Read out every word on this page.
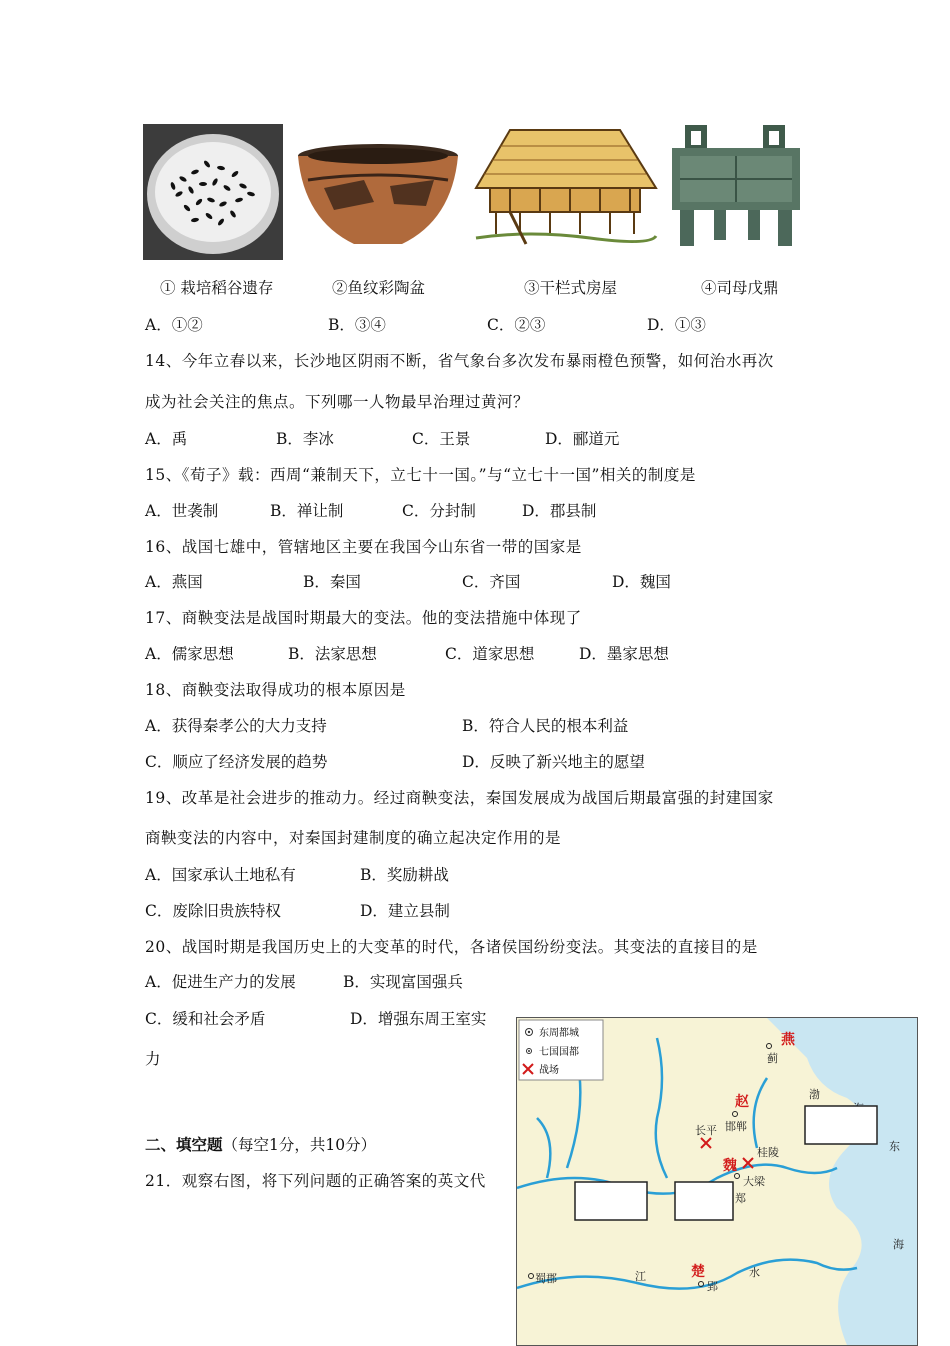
① 栽培稻谷遗存	②鱼纹彩陶盆	③干栏式房屋	④司母戊鼎
A．①②	B．③④	C．②③	D．①③
14、今年立春以来，长沙地区阴雨不断，省气象台多次发布暴雨橙色预警，如何治水再次
成为社会关注的焦点。下列哪一人物最早治理过黄河？
A．禹	B．李冰	C．王景	D．郦道元
15、《荀子》载：西周“兼制天下，立七十一国。”与“立七十一国”相关的制度是
A．世袭制	B．禅让制	C．分封制	D．郡县制
16、战国七雄中，管辖地区主要在我国今山东省一带的国家是
A．燕国	B．秦国	C．齐国	D．魏国
17、商鞅变法是战国时期最大的变法。他的变法措施中体现了
A．儒家思想	B．法家思想	C．道家思想	D．墨家思想
18、商鞅变法取得成功的根本原因是
A．获得秦孝公的大力支持	B．符合人民的根本利益
C．顺应了经济发展的趋势	D．反映了新兴地主的愿望
19、改革是社会进步的推动力。经过商鞅变法，秦国发展成为战国后期最富强的封建国家
商鞅变法的内容中，对秦国封建制度的确立起决定作用的是
A．国家承认土地私有	B．奖励耕战
C．废除旧贵族特权	D．建立县制
20、战国时期是我国历史上的大变革的时代，各诸侯国纷纷变法。其变法的直接目的是
A．促进生产力的发展	B．实现富国强兵
C．缓和社会矛盾	D．增强东周王室实
力
二、填空题（每空1分，共10分）
21．观察右图，将下列问题的正确答案的英文代
东周都城
七国国都
战场
燕
赵
魏
楚
蓟
邯郸
长平
桂陵
大梁
郑
蜀郡
郢
渤
东
海
江	水
